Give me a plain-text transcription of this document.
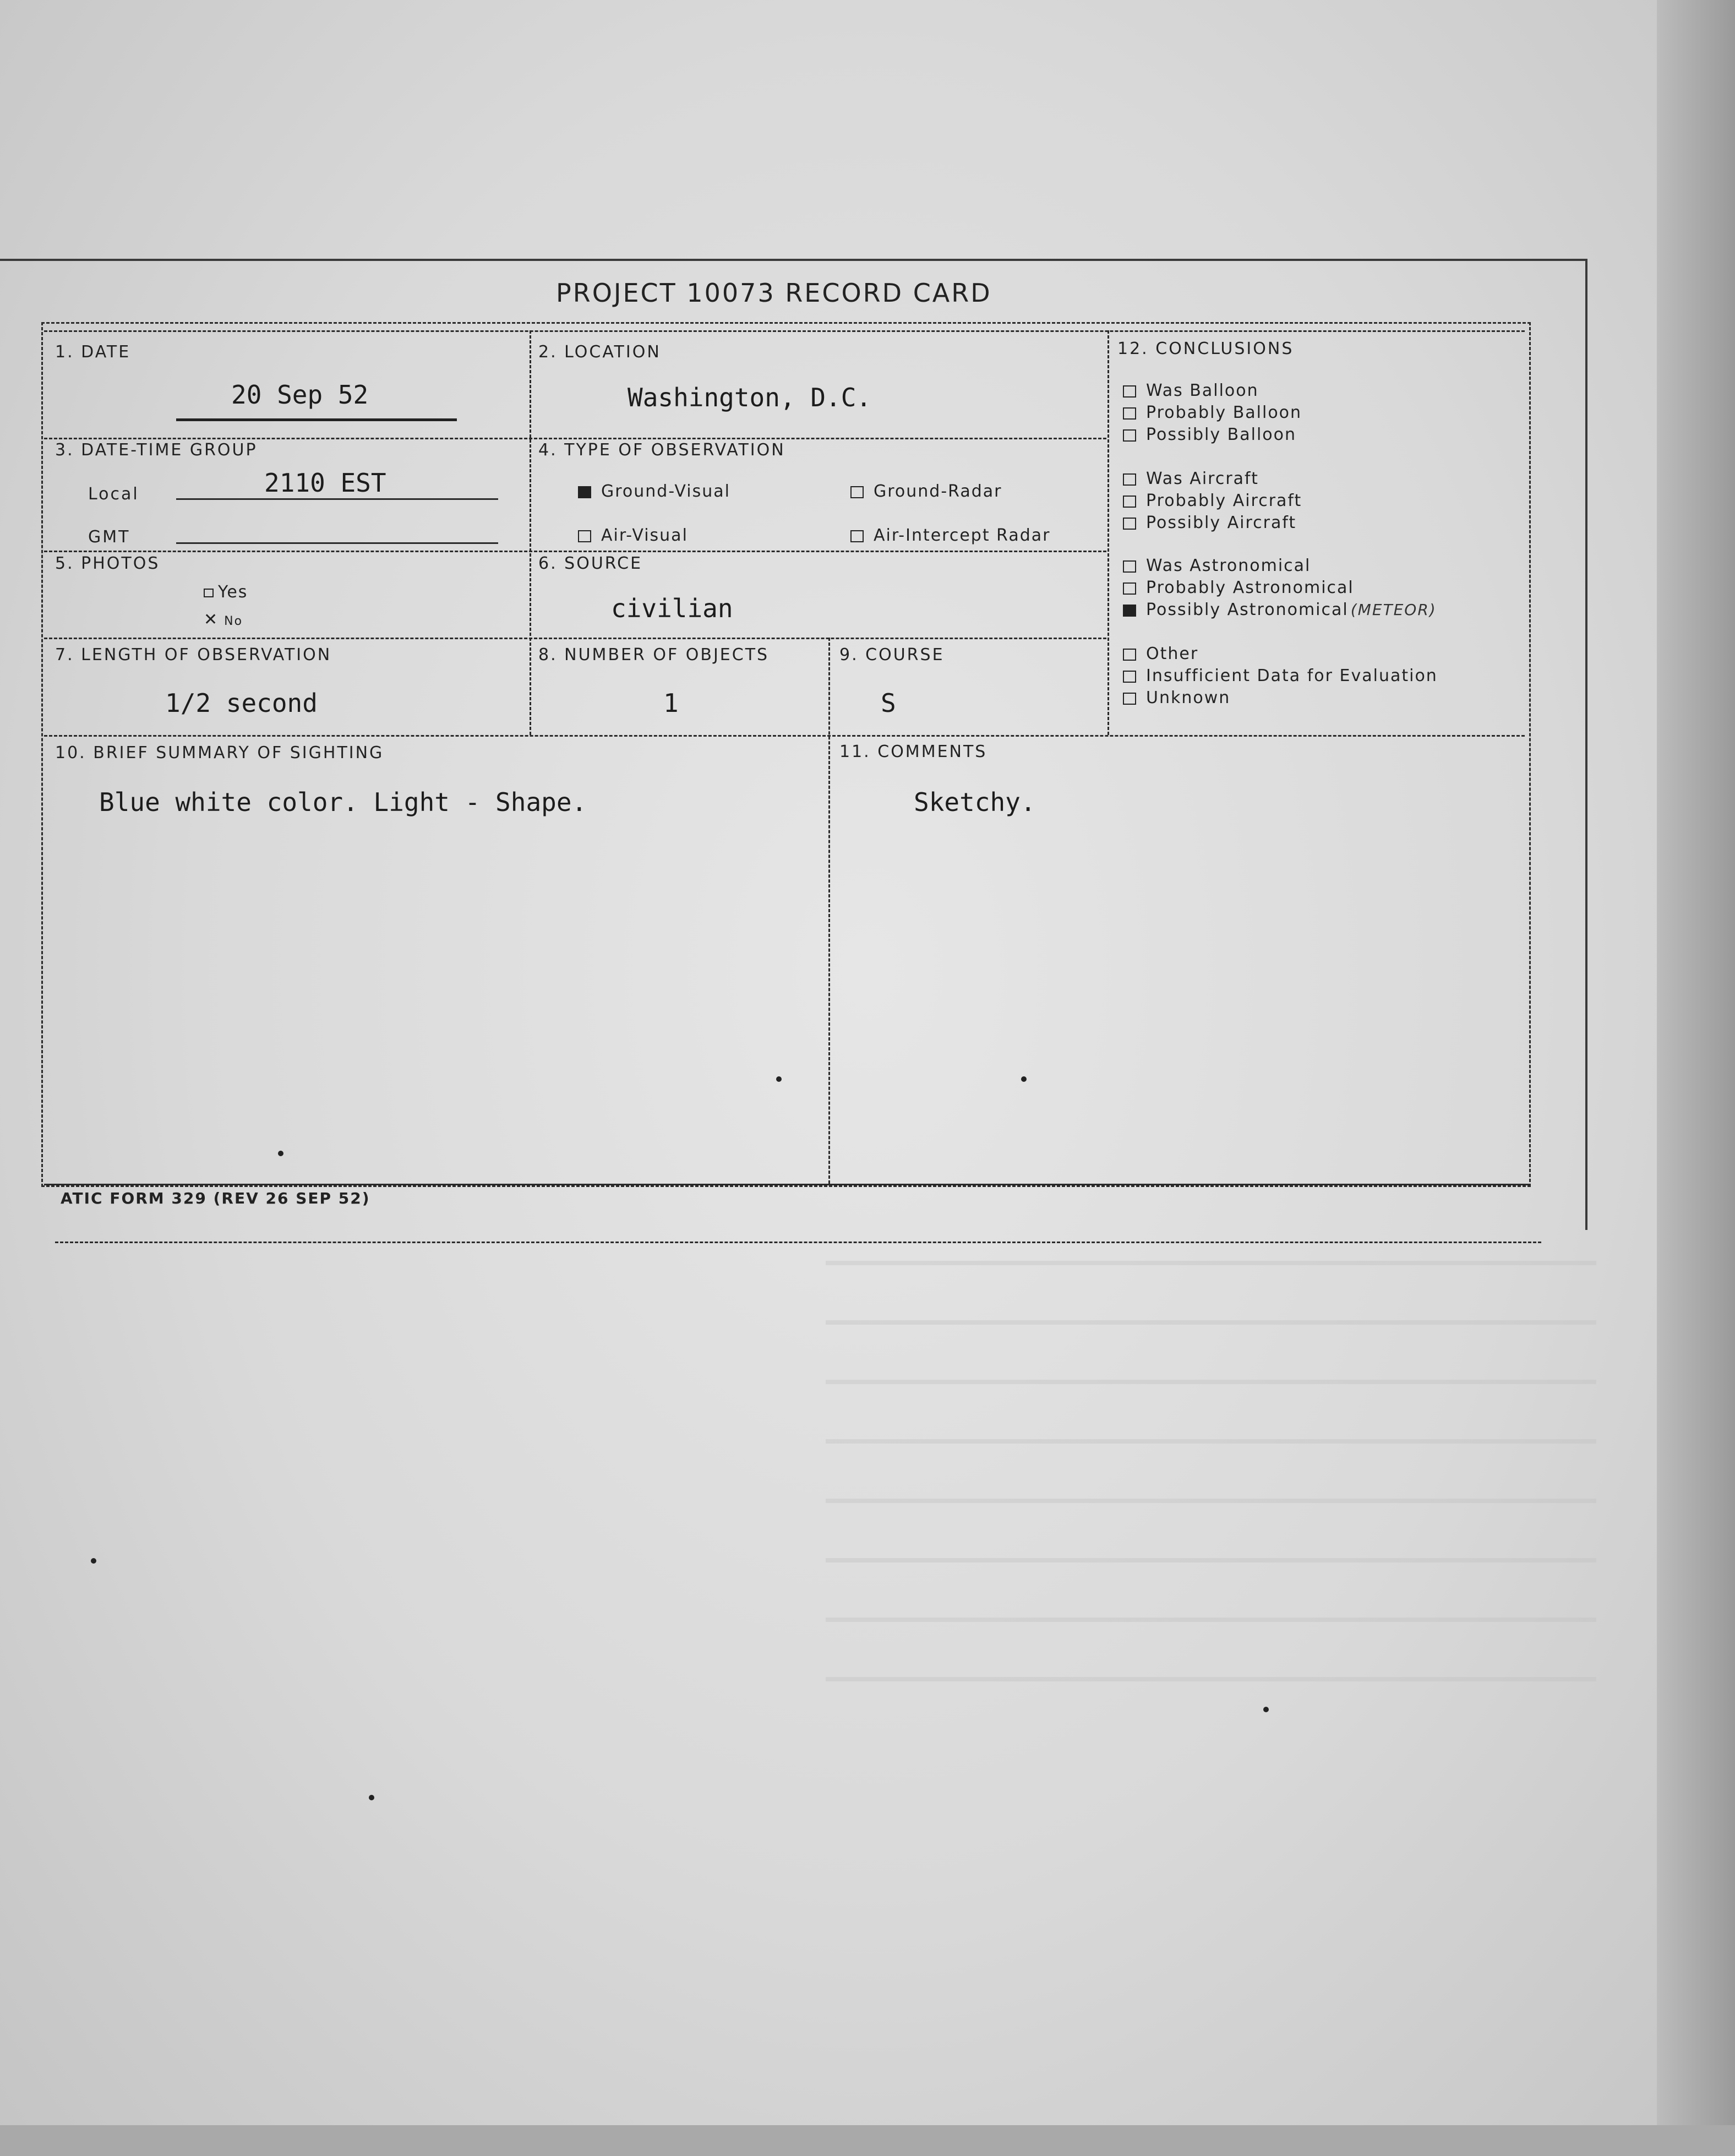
PROJECT 10073 RECORD CARD
1. DATE
20 Sep 52
2. LOCATION
Washington, D.C.
3. DATE-TIME GROUP
Local	2110 EST
GMT
4. TYPE OF OBSERVATION
Ground-Visual	Ground-Radar
Air-Visual	Air-Intercept Radar
5. PHOTOS
Yes
✕ No
6. SOURCE
civilian
7. LENGTH OF OBSERVATION
1/2 second
8. NUMBER OF OBJECTS
1
9. COURSE
S
10. BRIEF SUMMARY OF SIGHTING
Blue white color. Light - Shape.
11. COMMENTS
Sketchy.
12. CONCLUSIONS
Was Balloon
Probably Balloon
Possibly Balloon
Was Aircraft
Probably Aircraft
Possibly Aircraft
Was Astronomical
Probably Astronomical
Possibly Astronomical (METEOR)
Other
Insufficient Data for Evaluation
Unknown
ATIC FORM 329 (REV 26 SEP 52)
